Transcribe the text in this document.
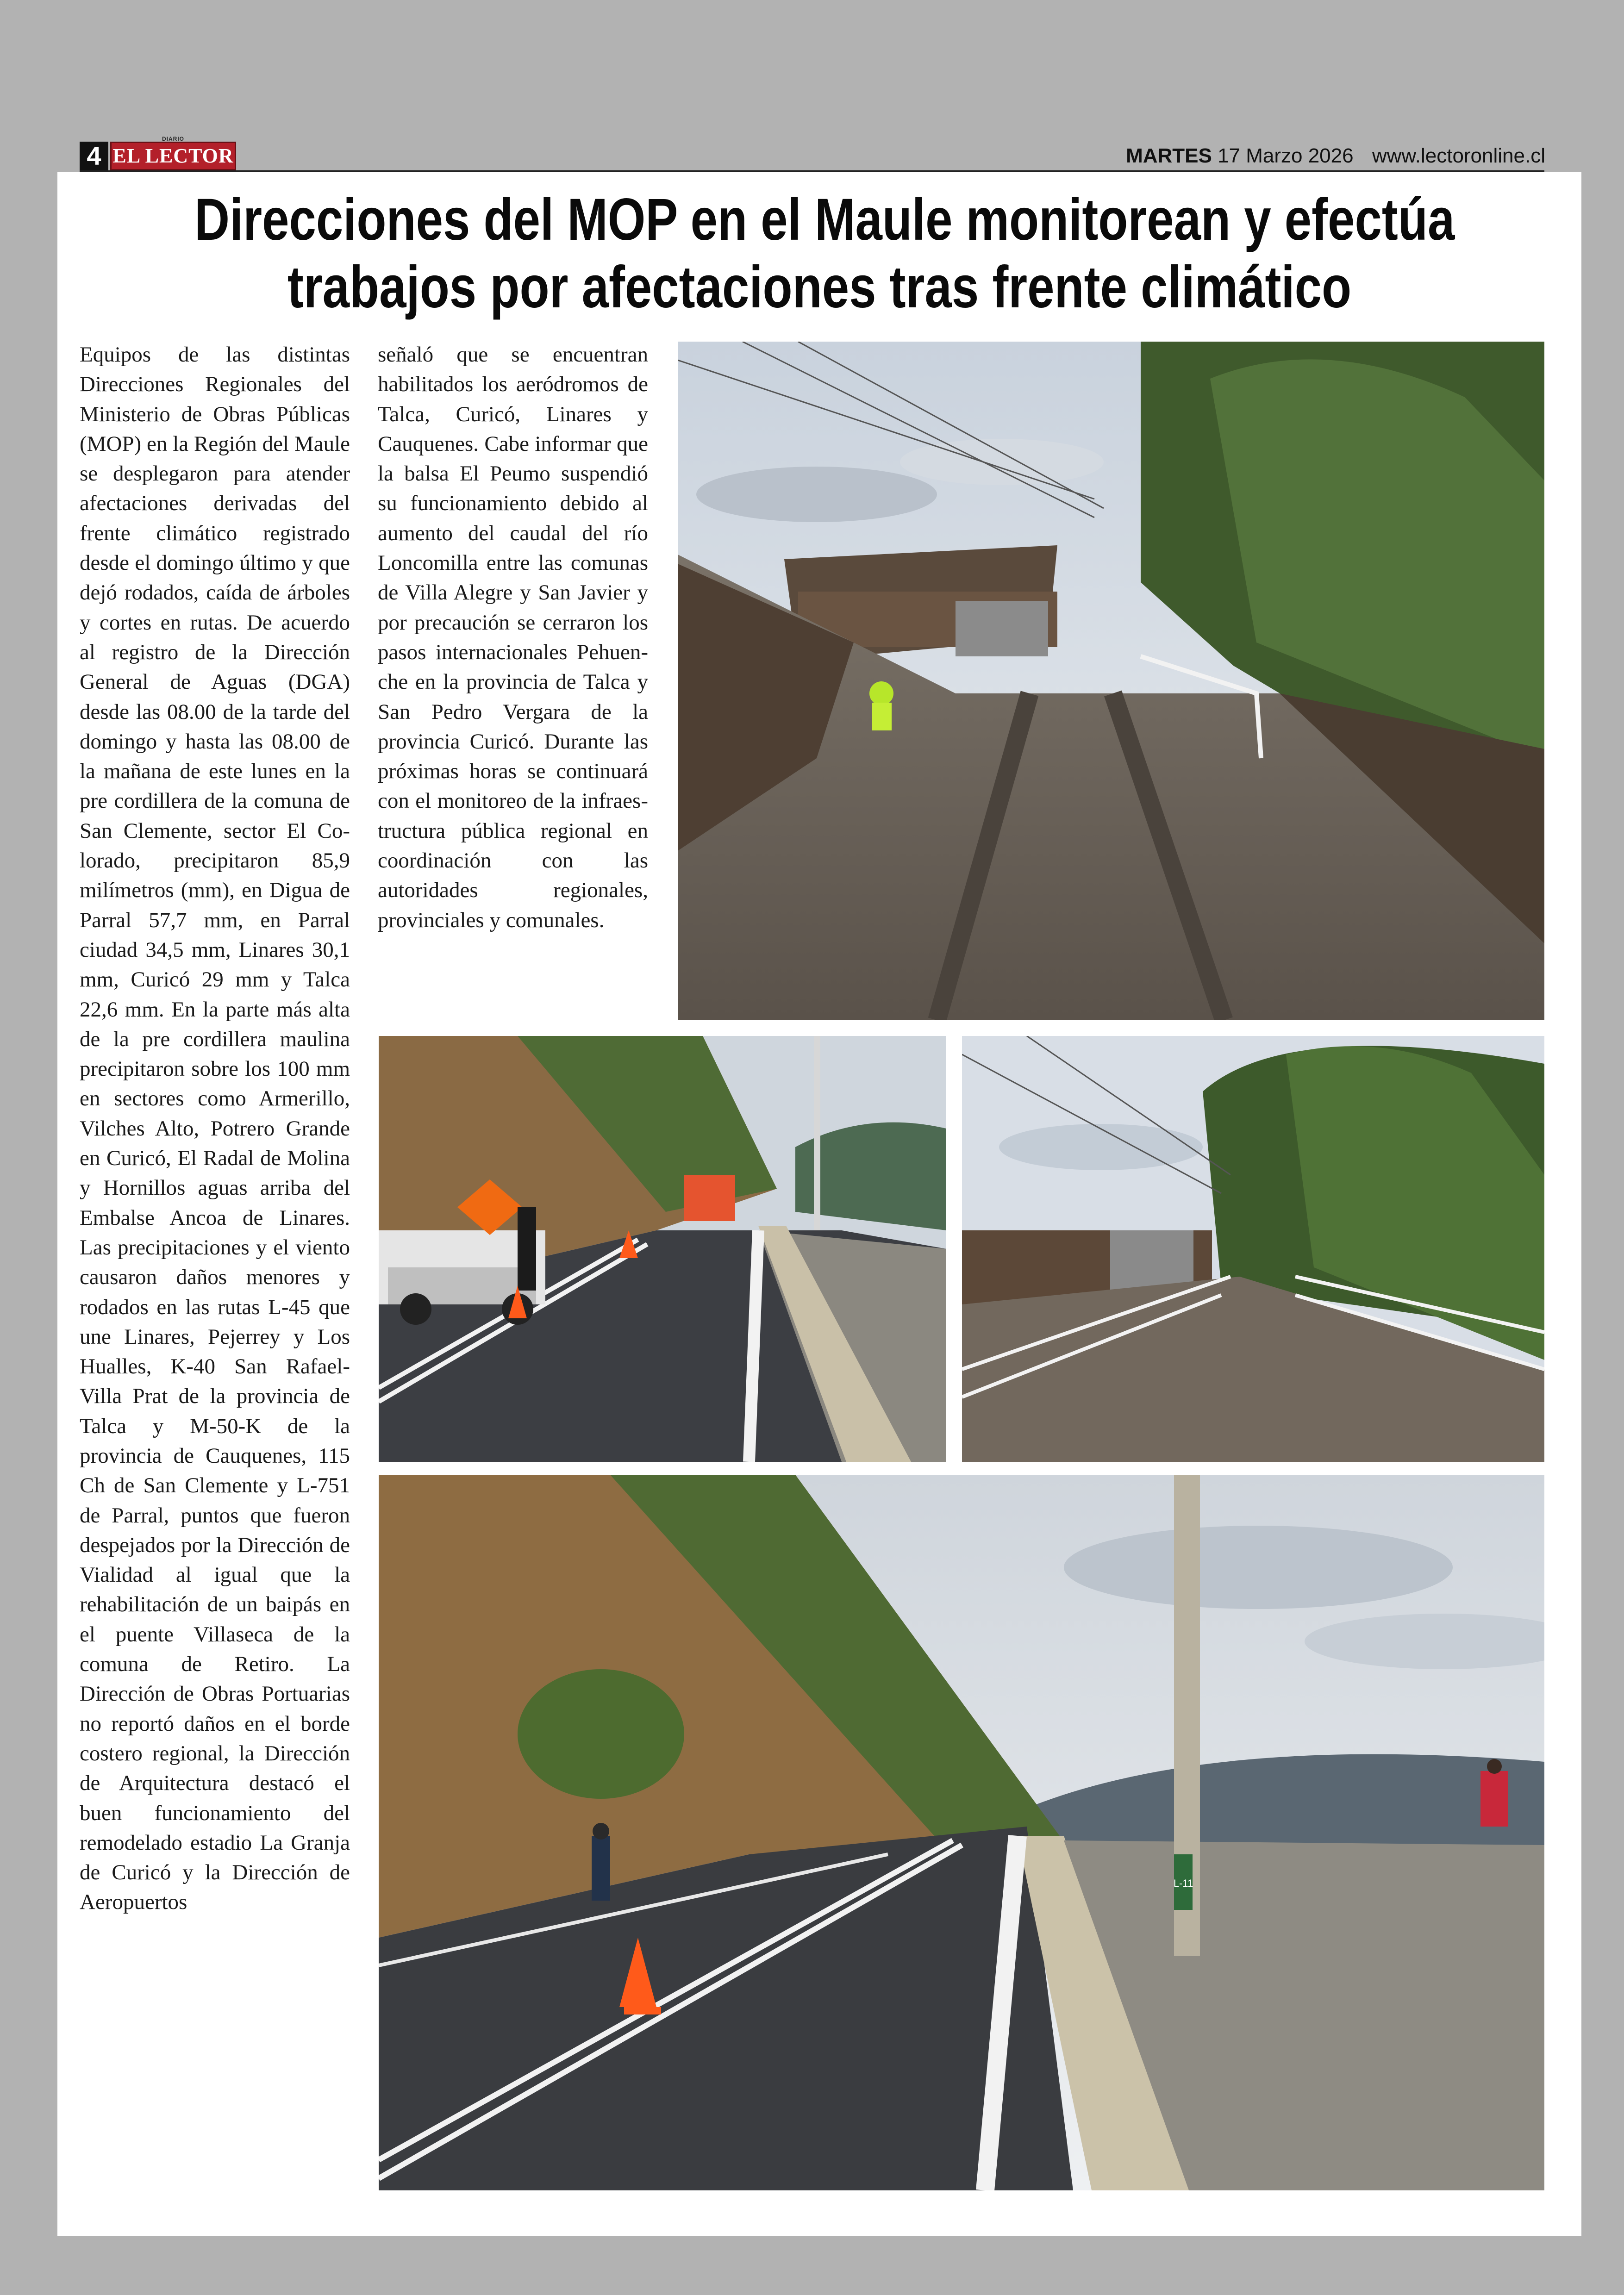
4
DIARIO
EL LECTOR	MARTES 17 Marzo 2026 www.lectoronline.cl
Direcciones del MOP en el Maule monitorean y efectúa
trabajos por afectaciones tras frente climático

Equipos de las distintas Direcciones Regionales del Ministerio de Obras Públicas (MOP) en la Región del Maule se desplegaron para atender afectaciones derivadas del frente climático registrado desde el domingo último y que dejó rodados, caída de árboles y cortes en rutas. De acuerdo al registro de la Dirección General de Aguas (DGA) desde las 08.00 de la tarde del domingo y hasta las 08.00 de la mañana de este lunes en la pre cordillera de la comuna de San Clemente, sector El Colorado, precipitaron 85,9 milímetros (mm), en Digua de Parral 57,7 mm, en Parral ciudad 34,5 mm, Linares 30,1 mm, Curicó 29 mm y Talca 22,6 mm. En la parte más alta de la pre cordillera maulina precipitaron sobre los 100 mm en sectores como Armerillo, Vilches Alto, Potrero Grande en Curicó, El Radal de Molina y Hornillos aguas arriba del Embalse Ancoa de Linares. Las precipitaciones y el viento causaron daños menores y rodados en las rutas L-45 que une Linares, Pejerrey y Los Hualles, K-40 San Rafael-Villa Prat de la provincia de Talca y M-50-K de la provincia de Cauquenes, 115 Ch de San Clemente y L-751 de Parral, puntos que fueron despejados por la Dirección de Vialidad al igual que la rehabilitación de un baipás en el puente Villaseca de la comuna de Retiro. La Dirección de Obras Portuarias no reportó daños en el borde costero regional, la Dirección de Arquitectura destacó el buen funcionamiento del remodelado estadio La Granja de Curicó y la Dirección de Aeropuertos

señaló que se encuentran habilitados los aeródromos de Talca, Curicó, Linares y Cauquenes. Cabe informar que la balsa El Peumo suspendió su funcionamiento debido al aumento del caudal del río Loncomilla entre las comunas de Villa Alegre y San Javier y por precaución se cerraron los pasos internacionales Pehuenche en la provincia de Talca y San Pedro Vergara de la provincia Curicó. Durante las próximas horas se continuará con el monitoreo de la infraestructura pública regional en coordinación con las autoridades regionales, provinciales y comunales.

L-11
